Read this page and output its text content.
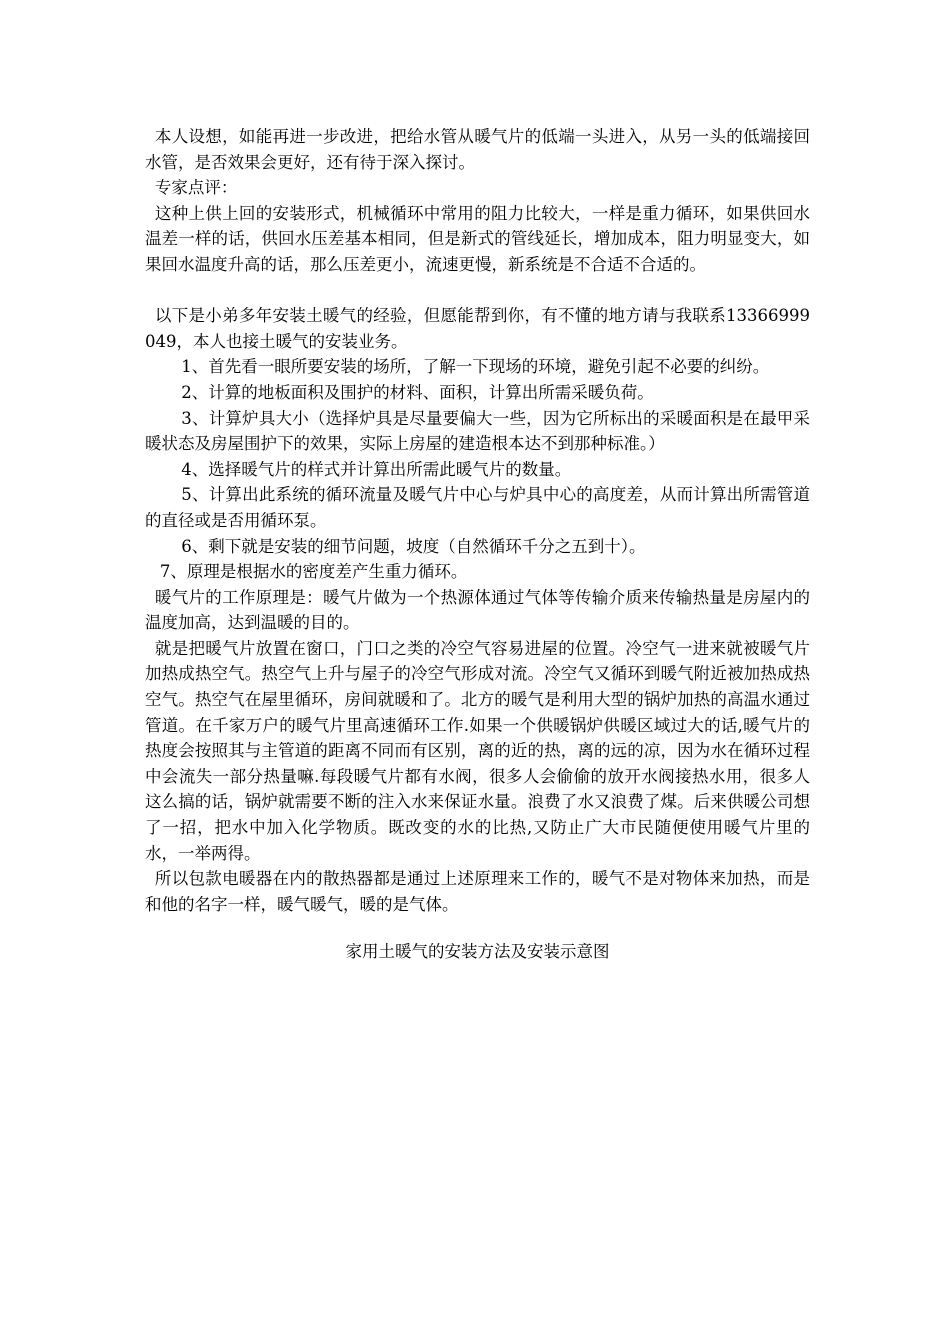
本人设想，如能再进一步改进，把给水管从暖气片的低端一头进入，从另一头的低端接回水管，是否效果会更好，还有待于深入探讨。

专家点评：

这种上供上回的安装形式，机械循环中常用的阻力比较大，一样是重力循环，如果供回水温差一样的话，供回水压差基本相同，但是新式的管线延长，增加成本，阻力明显变大，如果回水温度升高的话，那么压差更小，流速更慢，新系统是不合适不合适的。

以下是小弟多年安装土暖气的经验，但愿能帮到你，有不懂的地方请与我联系13366999049，本人也接土暖气的安装业务。

1、首先看一眼所要安装的场所，了解一下现场的环境，避免引起不必要的纠纷。

2、计算的地板面积及围护的材料、面积，计算出所需采暖负荷。

3、计算炉具大小（选择炉具是尽量要偏大一些，因为它所标出的采暖面积是在最甲采暖状态及房屋围护下的效果，实际上房屋的建造根本达不到那种标准。）

4、选择暖气片的样式并计算出所需此暖气片的数量。

5、计算出此系统的循环流量及暖气片中心与炉具中心的高度差，从而计算出所需管道的直径或是否用循环泵。

6、剩下就是安装的细节问题，坡度（自然循环千分之五到十）。

7、原理是根据水的密度差产生重力循环。

暖气片的工作原理是：暖气片做为一个热源体通过气体等传输介质来传输热量是房屋内的温度加高，达到温暖的目的。

就是把暖气片放置在窗口，门口之类的冷空气容易进屋的位置。冷空气一进来就被暖气片加热成热空气。热空气上升与屋子的冷空气形成对流。冷空气又循环到暖气附近被加热成热空气。热空气在屋里循环，房间就暖和了。北方的暖气是利用大型的锅炉加热的高温水通过管道。在千家万户的暖气片里高速循环工作.如果一个供暖锅炉供暖区域过大的话,暖气片的热度会按照其与主管道的距离不同而有区别，离的近的热，离的远的凉，因为水在循环过程中会流失一部分热量嘛.每段暖气片都有水阀，很多人会偷偷的放开水阀接热水用，很多人这么搞的话，锅炉就需要不断的注入水来保证水量。浪费了水又浪费了煤。后来供暖公司想了一招，把水中加入化学物质。既改变的水的比热,又防止广大市民随便使用暖气片里的水，一举两得。

所以包款电暖器在内的散热器都是通过上述原理来工作的，暖气不是对物体来加热，而是和他的名字一样，暖气暖气，暖的是气体。

家用土暖气的安装方法及安装示意图
